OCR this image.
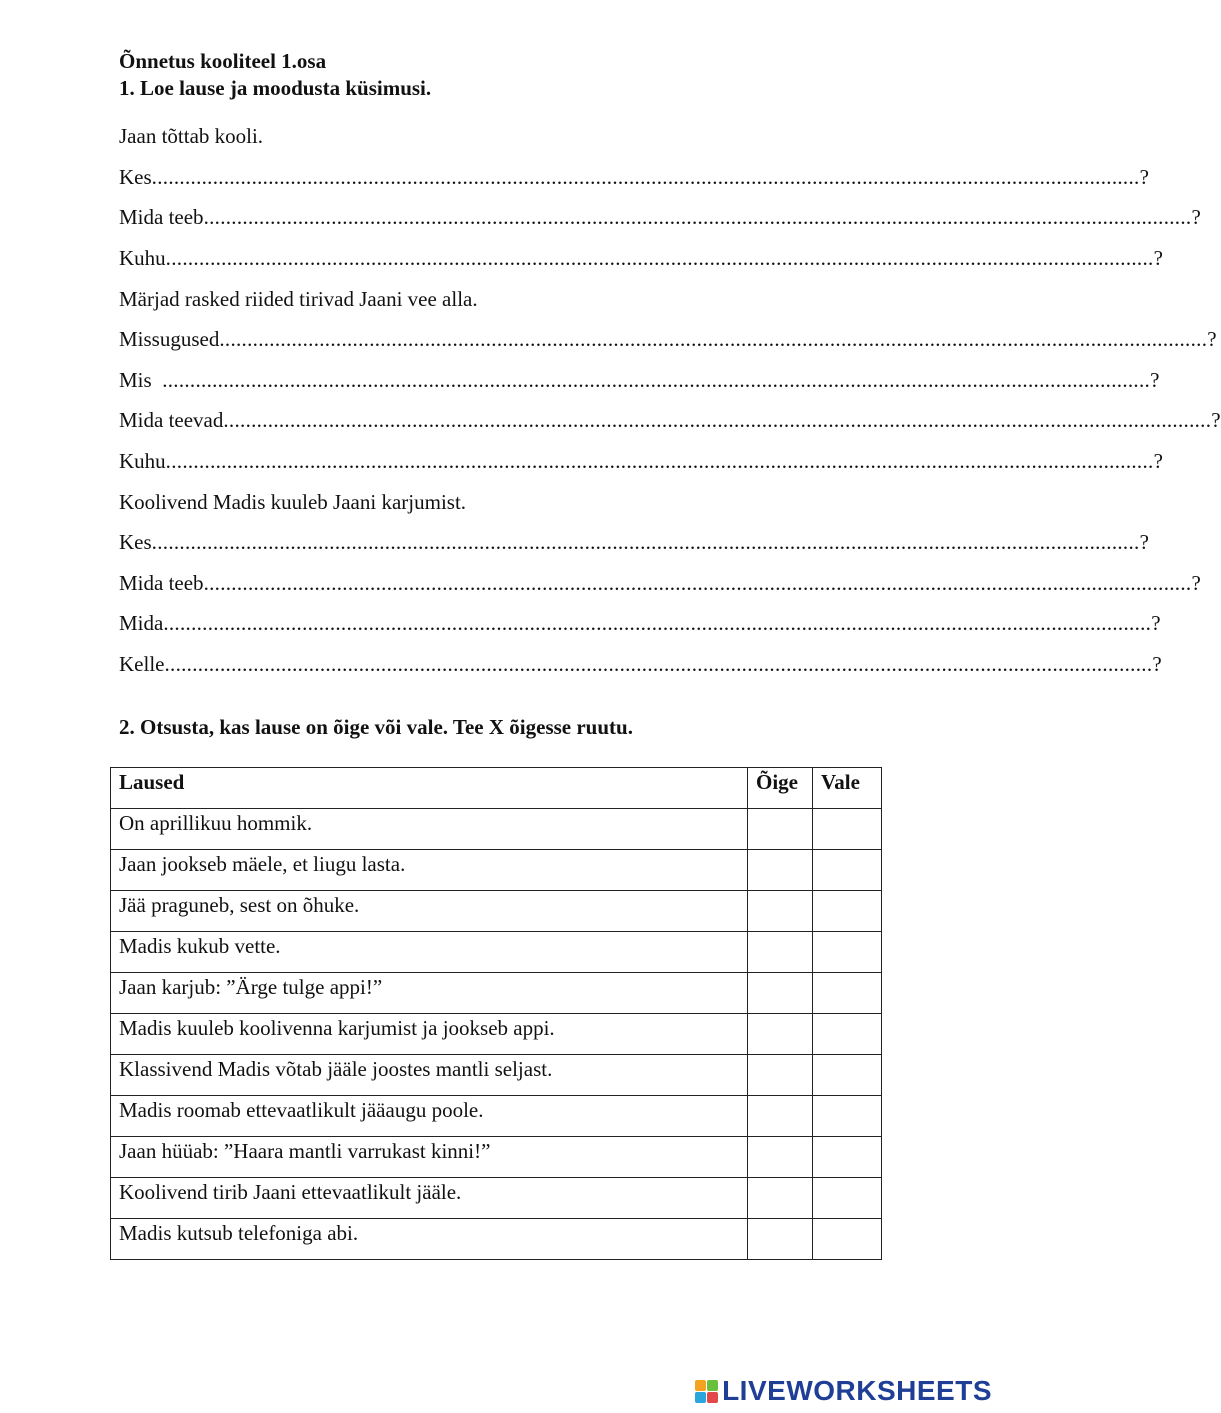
Õnnetus kooliteel 1.osa
1. Loe lause ja moodusta küsimusi.
Jaan tõttab kooli.
Kes .................................................................................................................................................................................. ?
Mida teeb .................................................................................................................................................................................. ?
Kuhu .................................................................................................................................................................................. ?
Märjad rasked riided tirivad Jaani vee alla.
Missugused .................................................................................................................................................................................. ?
Mis .................................................................................................................................................................................. ?
Mida teevad .................................................................................................................................................................................. ?
Kuhu .................................................................................................................................................................................. ?
Koolivend Madis kuuleb Jaani karjumist.
Kes .................................................................................................................................................................................. ?
Mida teeb .................................................................................................................................................................................. ?
Mida .................................................................................................................................................................................. ?
Kelle .................................................................................................................................................................................. ?
2. Otsusta, kas lause on õige või vale. Tee X õigesse ruutu.
Laused	Õige	Vale
On aprillikuu hommik.		
Jaan jookseb mäele, et liugu lasta.		
Jää praguneb, sest on õhuke.		
Madis kukub vette.		
Jaan karjub: ”Ärge tulge appi!”		
Madis kuuleb koolivenna karjumist ja jookseb appi.		
Klassivend Madis võtab jääle joostes mantli seljast.		
Madis roomab ettevaatlikult jääaugu poole.		
Jaan hüüab: ”Haara mantli varrukast kinni!”		
Koolivend tirib Jaani ettevaatlikult jääle.		
Madis kutsub telefoniga abi.		
LIVEWORKSHEETS
